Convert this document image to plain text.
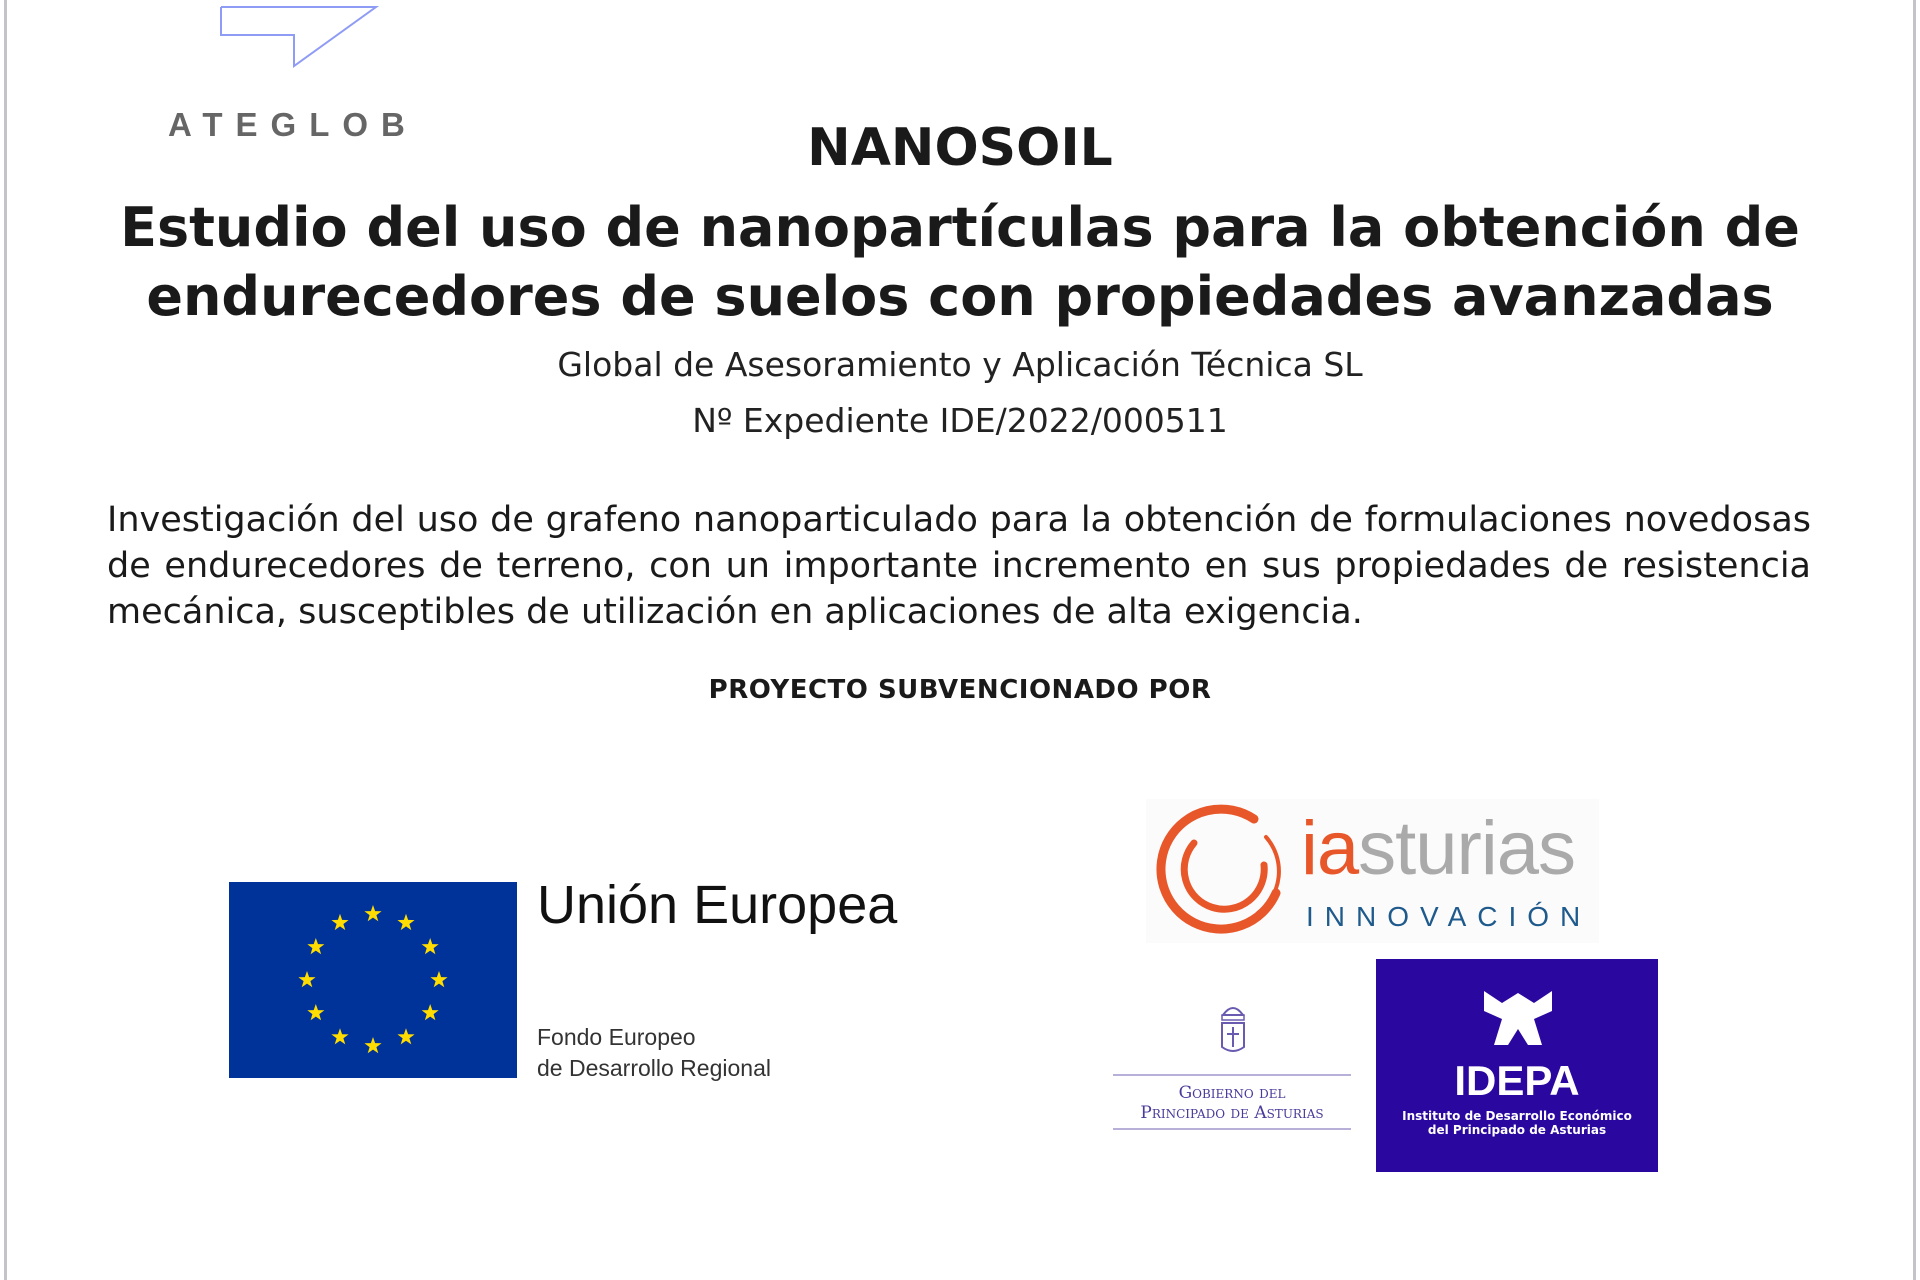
ATEGLOB	NANOSOIL
Estudio del uso de nanopartículas para la obtención de
endurecedores de suelos con propiedades avanzadas
Global de Asesoramiento y Aplicación Técnica SL
Nº Expediente IDE/2022/000511
Investigación del uso de grafeno nanoparticulado para la obtención de formulaciones novedosas de endurecedores de terreno, con un importante incremento en sus propiedades de resistencia mecánica, susceptibles de utilización en aplicaciones de alta exigencia.
PROYECTO SUBVENCIONADO POR
Unión Europea
Fondo Europeo
de Desarrollo Regional
iasturias
INNOVACIÓN
Gobierno del
Principado de Asturias
IDEPA
Instituto de Desarrollo Económico
del Principado de Asturias
